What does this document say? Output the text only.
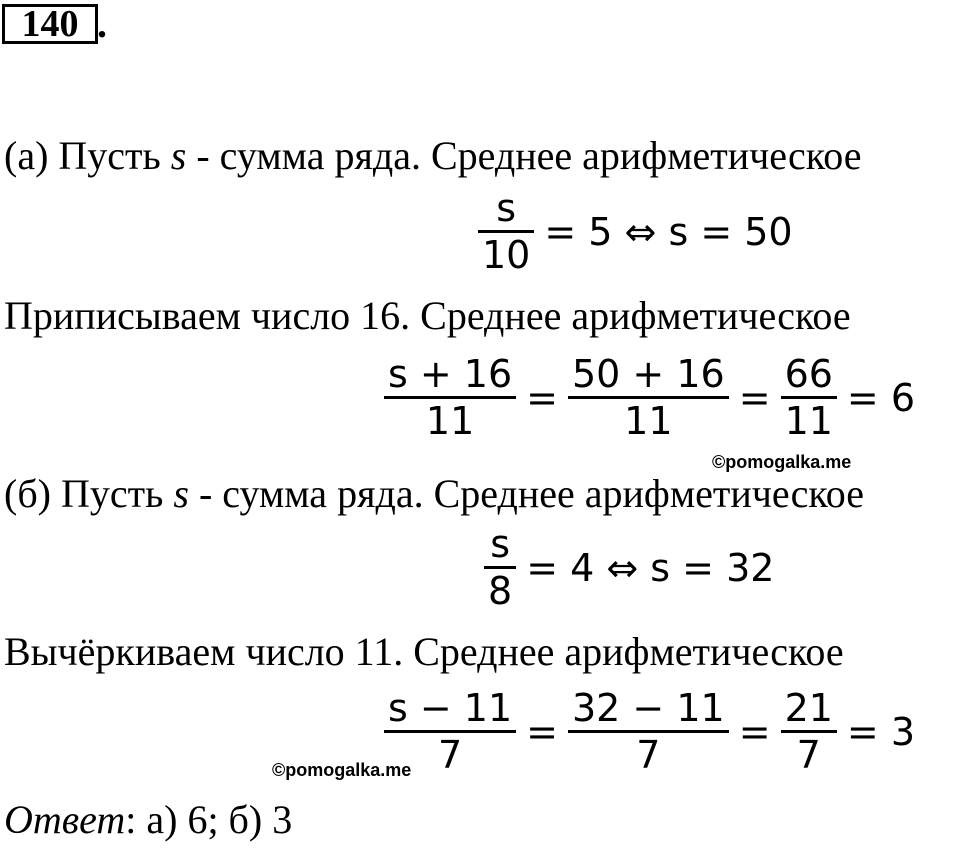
140 .
(а) Пусть s - сумма ряда. Среднее арифметическое
$\frac{s}{10} = 5$ ⇔ s = 50
Приписываем число 16. Среднее арифметическое
$\frac{s + 16}{11} = \frac{50 + 16}{11} = \frac{66}{11} = 6$
©pomogalka.me
(б) Пусть s - сумма ряда. Среднее арифметическое
$\frac{s}{8} = 4$ ⇔ s = 32
Вычёркиваем число 11. Среднее арифметическое
$\frac{s - 11}{7} = \frac{32 - 11}{7} = \frac{21}{7} = 3$
©pomogalka.me
Ответ: а) 6; б) 3
